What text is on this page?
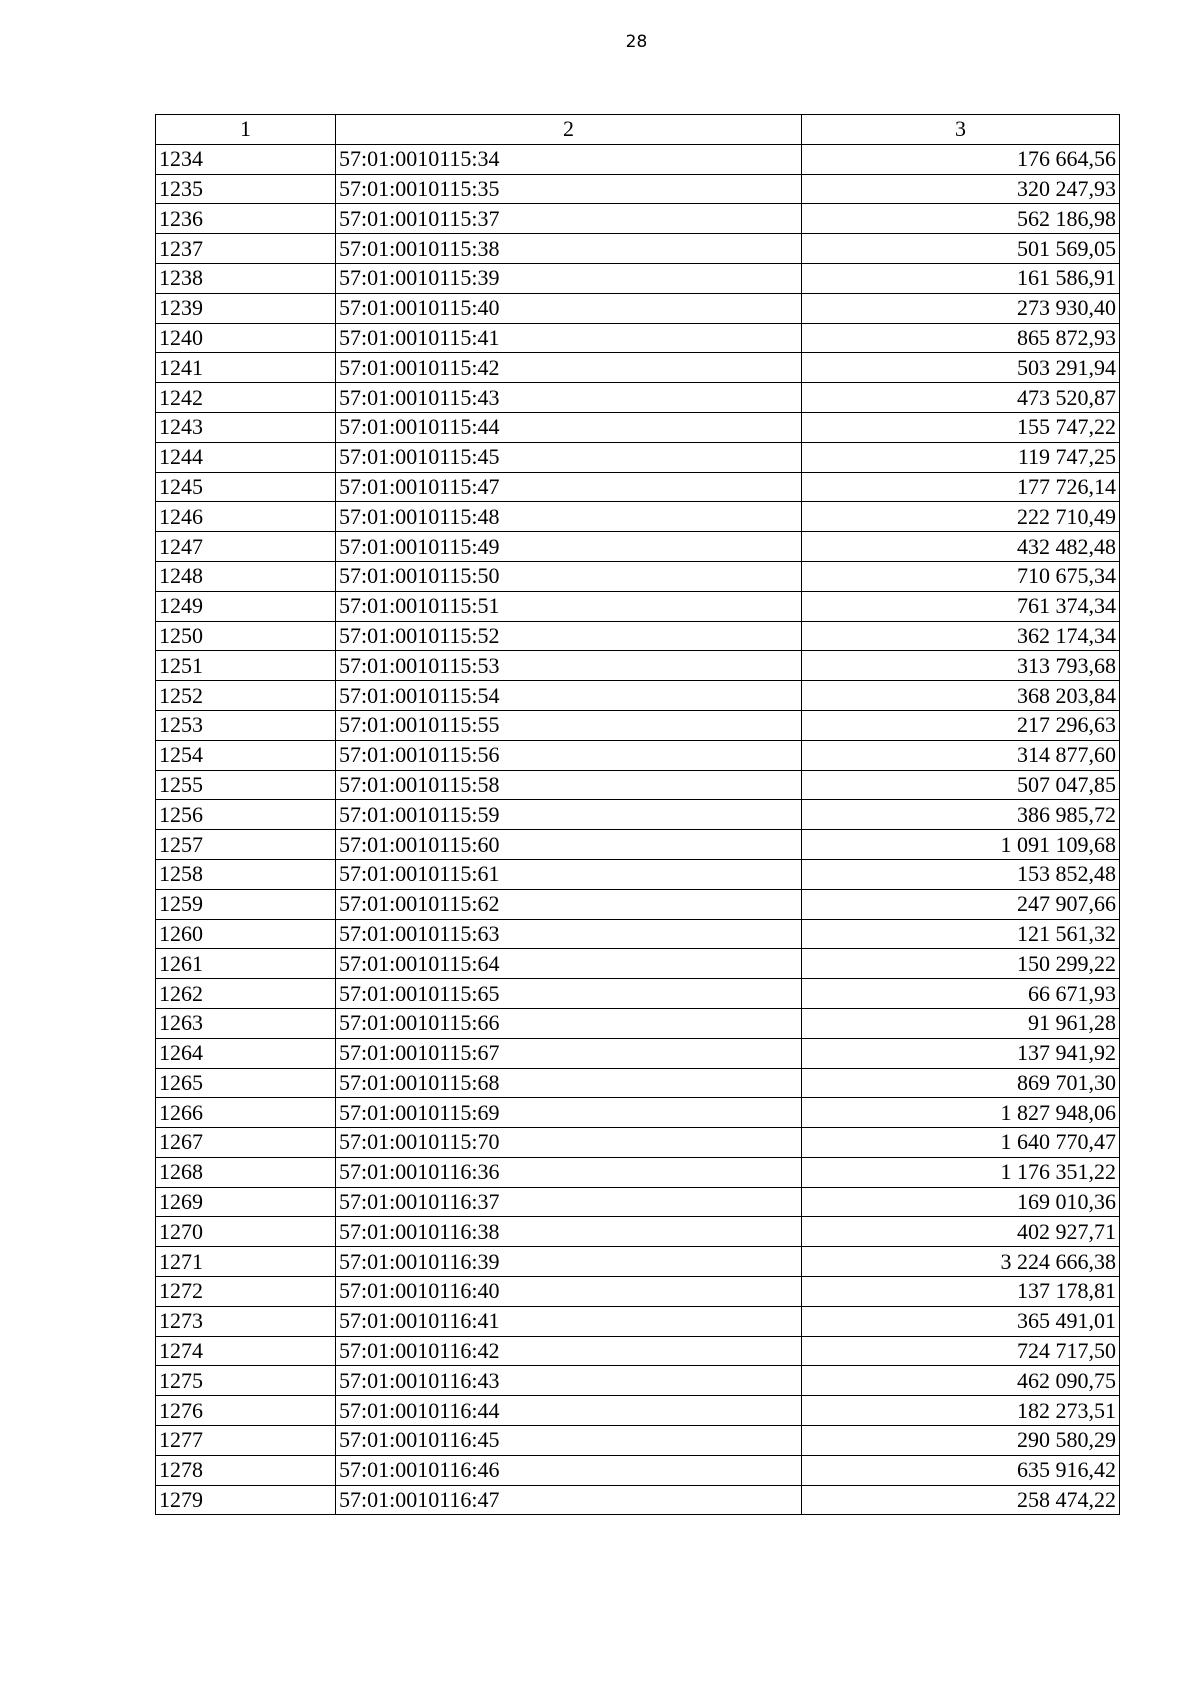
28
1	2	3
1234	57:01:0010115:34	176 664,56
1235	57:01:0010115:35	320 247,93
1236	57:01:0010115:37	562 186,98
1237	57:01:0010115:38	501 569,05
1238	57:01:0010115:39	161 586,91
1239	57:01:0010115:40	273 930,40
1240	57:01:0010115:41	865 872,93
1241	57:01:0010115:42	503 291,94
1242	57:01:0010115:43	473 520,87
1243	57:01:0010115:44	155 747,22
1244	57:01:0010115:45	119 747,25
1245	57:01:0010115:47	177 726,14
1246	57:01:0010115:48	222 710,49
1247	57:01:0010115:49	432 482,48
1248	57:01:0010115:50	710 675,34
1249	57:01:0010115:51	761 374,34
1250	57:01:0010115:52	362 174,34
1251	57:01:0010115:53	313 793,68
1252	57:01:0010115:54	368 203,84
1253	57:01:0010115:55	217 296,63
1254	57:01:0010115:56	314 877,60
1255	57:01:0010115:58	507 047,85
1256	57:01:0010115:59	386 985,72
1257	57:01:0010115:60	1 091 109,68
1258	57:01:0010115:61	153 852,48
1259	57:01:0010115:62	247 907,66
1260	57:01:0010115:63	121 561,32
1261	57:01:0010115:64	150 299,22
1262	57:01:0010115:65	66 671,93
1263	57:01:0010115:66	91 961,28
1264	57:01:0010115:67	137 941,92
1265	57:01:0010115:68	869 701,30
1266	57:01:0010115:69	1 827 948,06
1267	57:01:0010115:70	1 640 770,47
1268	57:01:0010116:36	1 176 351,22
1269	57:01:0010116:37	169 010,36
1270	57:01:0010116:38	402 927,71
1271	57:01:0010116:39	3 224 666,38
1272	57:01:0010116:40	137 178,81
1273	57:01:0010116:41	365 491,01
1274	57:01:0010116:42	724 717,50
1275	57:01:0010116:43	462 090,75
1276	57:01:0010116:44	182 273,51
1277	57:01:0010116:45	290 580,29
1278	57:01:0010116:46	635 916,42
1279	57:01:0010116:47	258 474,22
